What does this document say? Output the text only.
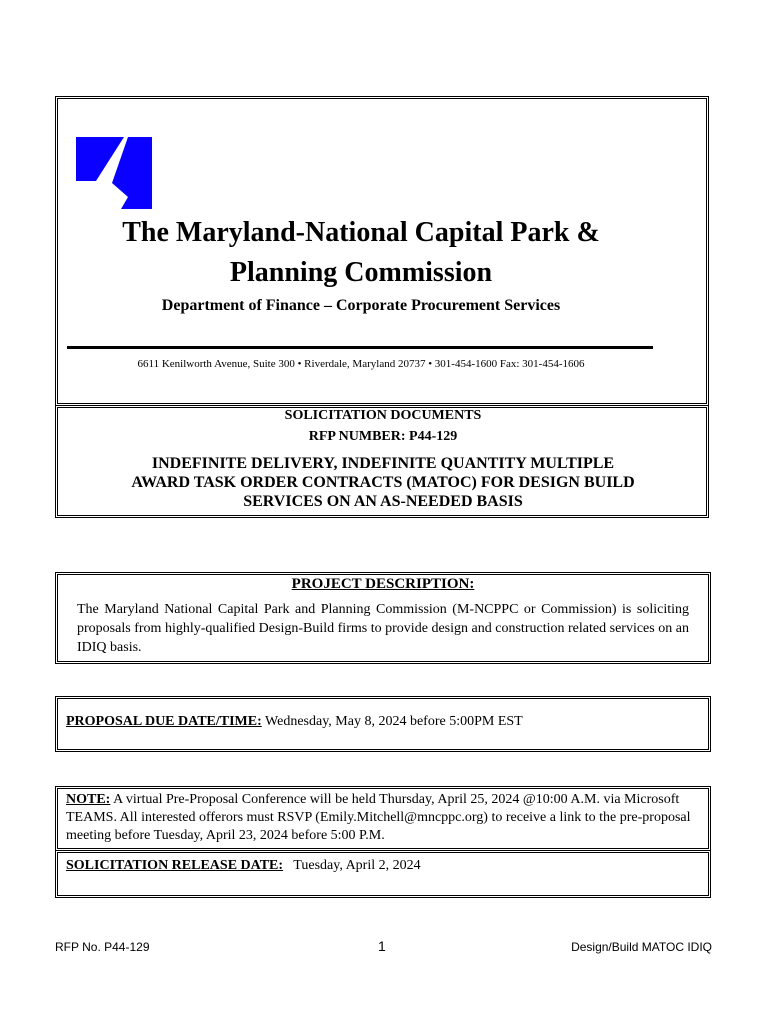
The Maryland-National Capital Park &
Planning Commission
Department of Finance – Corporate Procurement Services
6611 Kenilworth Avenue, Suite 300 • Riverdale, Maryland 20737 • 301-454-1600 Fax: 301-454-1606
SOLICITATION DOCUMENTS
RFP NUMBER: P44-129
INDEFINITE DELIVERY, INDEFINITE QUANTITY MULTIPLE
AWARD TASK ORDER CONTRACTS (MATOC) FOR DESIGN BUILD
SERVICES ON AN AS-NEEDED BASIS
PROJECT DESCRIPTION:
The Maryland National Capital Park and Planning Commission (M-NCPPC or Commission) is soliciting proposals from highly-qualified Design-Build firms to provide design and construction related services on an IDIQ basis.
PROPOSAL DUE DATE/TIME: Wednesday, May 8, 2024 before 5:00PM EST
NOTE: A virtual Pre-Proposal Conference will be held Thursday, April 25, 2024 @10:00 A.M. via Microsoft TEAMS. All interested offerors must RSVP (Emily.Mitchell@mncppc.org) to receive a link to the pre-proposal meeting before Tuesday, April 23, 2024 before 5:00 P.M.
SOLICITATION RELEASE DATE:   Tuesday, April 2, 2024
RFP No. P44-129	1	Design/Build MATOC IDIQ
